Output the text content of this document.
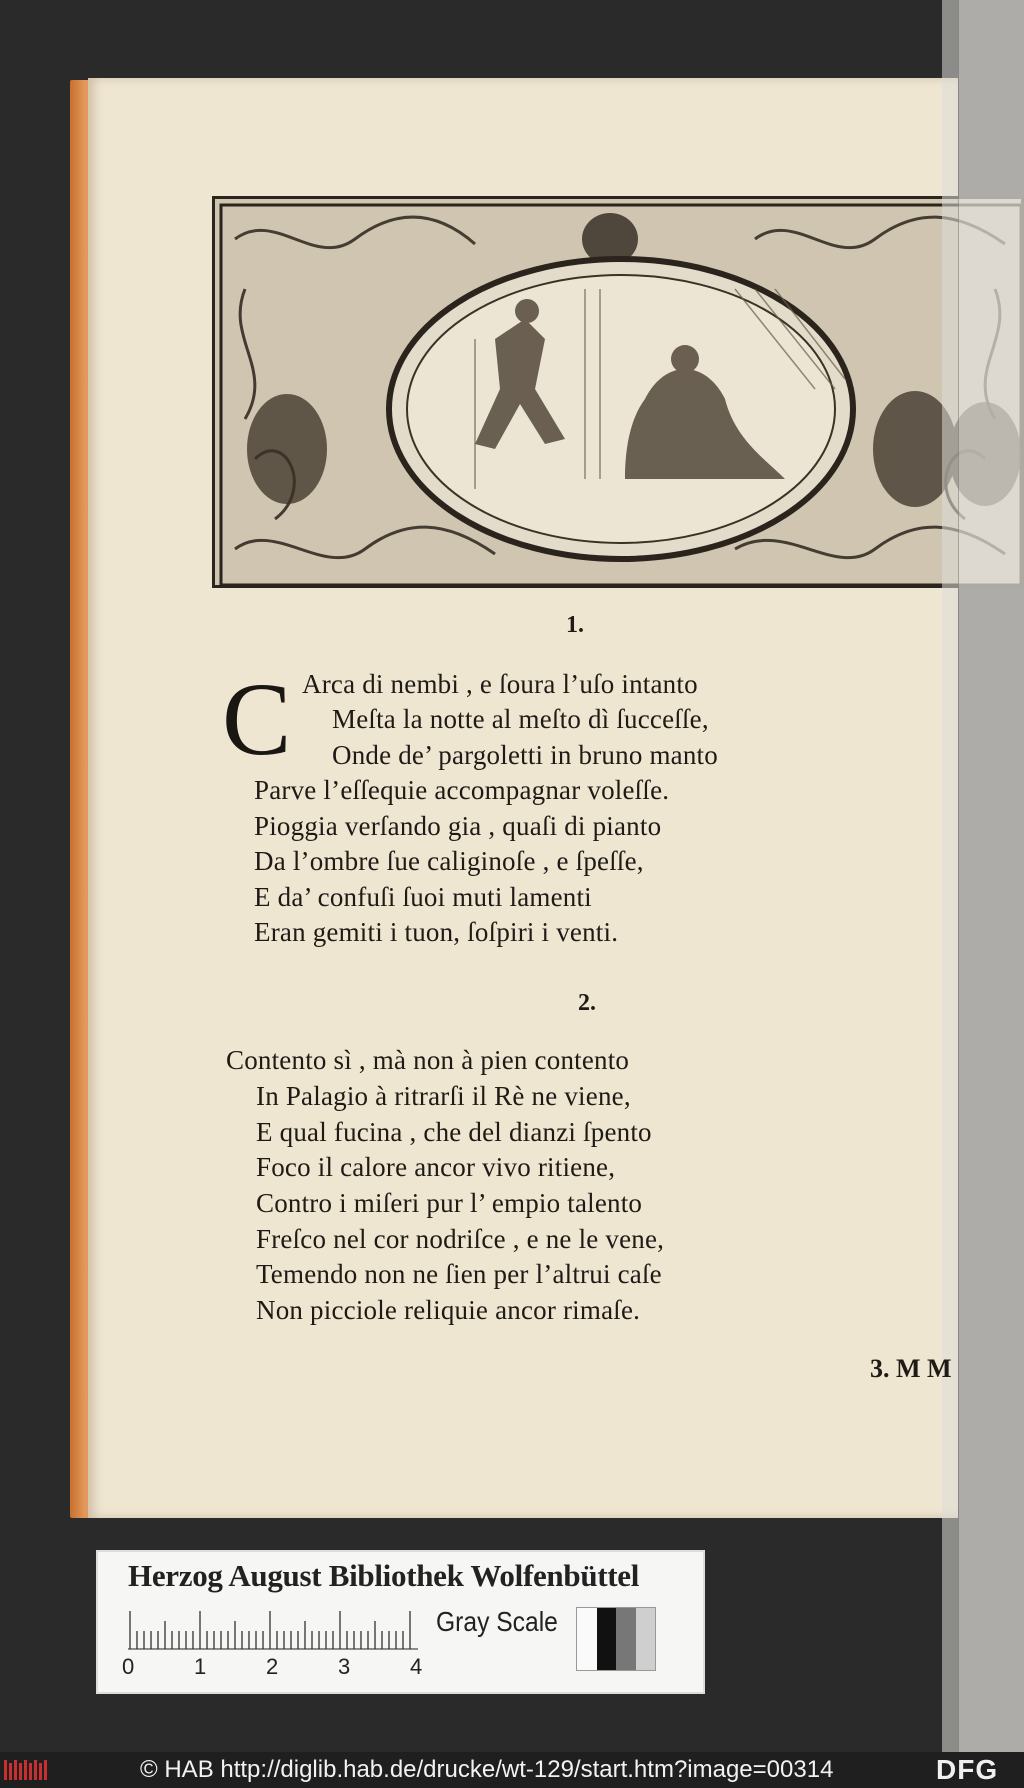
1.
C Arca di nembi , e ſoura l’uſo intanto
Meſta la notte al meſto dì ſucceſſe,
Onde de’ pargoletti in bruno manto
Parve l’eſſequie accompagnar voleſſe.
Pioggia verſando gia , quaſi di pianto
Da l’ombre ſue caliginoſe , e ſpeſſe,
E da’ confuſi ſuoi muti lamenti
Eran gemiti i tuon, ſoſpiri i venti.
2.
Contento sì , mà non à pien contento
In Palagio à ritrarſi il Rè ne viene,
E qual fucina , che del dianzi ſpento
Foco il calore ancor vivo ritiene,
Contro i miſeri pur l’ empio talento
Freſco nel cor nodriſce , e ne le vene,
Temendo non ne ſien per l’altrui caſe
Non picciole reliquie ancor rimaſe.
3. M M
Herzog August Bibliothek Wolfenbüttel
0	1	2	3	4
Gray Scale
© HAB http://diglib.hab.de/drucke/wt-129/start.htm?image=00314	DFG
